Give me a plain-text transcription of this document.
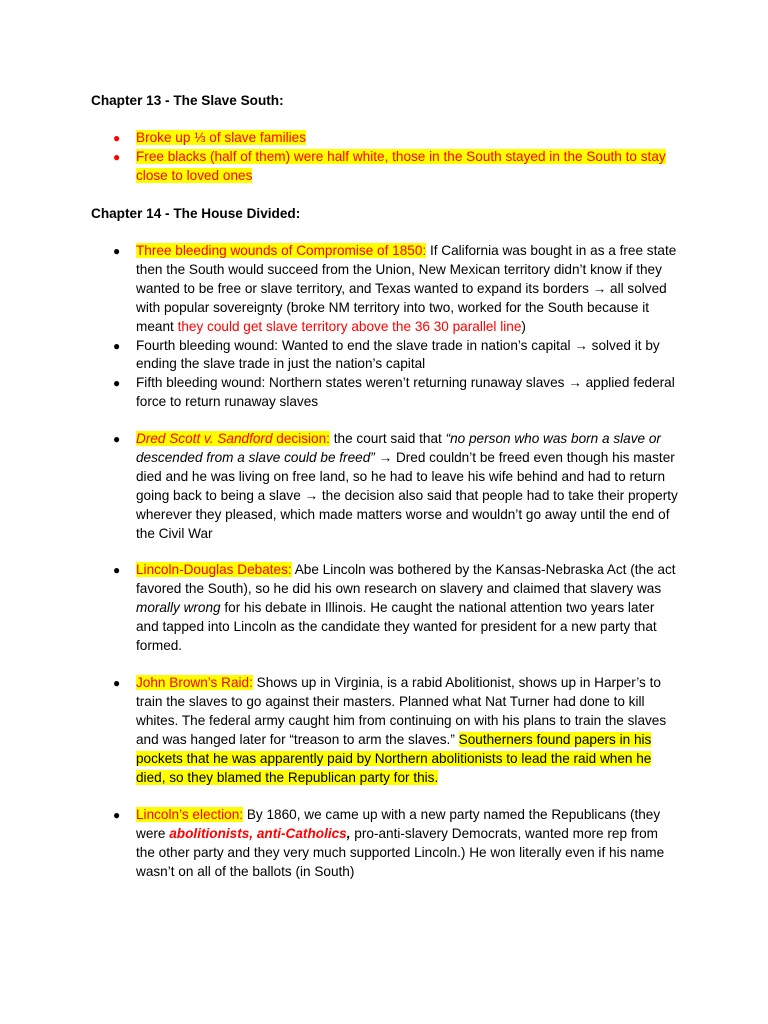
Chapter 13 - The Slave South:
●	Broke up ⅓ of slave families
●	Free blacks (half of them) were half white, those in the South stayed in the South to stay close to loved ones
Chapter 14 - The House Divided:
●	Three bleeding wounds of Compromise of 1850: If California was bought in as a free state then the South would succeed from the Union, New Mexican territory didn’t know if they wanted to be free or slave territory, and Texas wanted to expand its borders → all solved with popular sovereignty (broke NM territory into two, worked for the South because it meant they could get slave territory above the 36 30 parallel line)
●	Fourth bleeding wound: Wanted to end the slave trade in nation’s capital → solved it by ending the slave trade in just the nation’s capital
●	Fifth bleeding wound: Northern states weren’t returning runaway slaves → applied federal force to return runaway slaves
●	Dred Scott v. Sandford decision: the court said that “no person who was born a slave or descended from a slave could be freed” → Dred couldn’t be freed even though his master died and he was living on free land, so he had to leave his wife behind and had to return going back to being a slave → the decision also said that people had to take their property wherever they pleased, which made matters worse and wouldn’t go away until the end of the Civil War
●	Lincoln-Douglas Debates: Abe Lincoln was bothered by the Kansas-Nebraska Act (the act favored the South), so he did his own research on slavery and claimed that slavery was morally wrong for his debate in Illinois. He caught the national attention two years later and tapped into Lincoln as the candidate they wanted for president for a new party that formed.
●	John Brown’s Raid: Shows up in Virginia, is a rabid Abolitionist, shows up in Harper’s to train the slaves to go against their masters. Planned what Nat Turner had done to kill whites. The federal army caught him from continuing on with his plans to train the slaves and was hanged later for “treason to arm the slaves.” Southerners found papers in his pockets that he was apparently paid by Northern abolitionists to lead the raid when he died, so they blamed the Republican party for this.
●	Lincoln’s election: By 1860, we came up with a new party named the Republicans (they were abolitionists, anti-Catholics, pro-anti-slavery Democrats, wanted more rep from the other party and they very much supported Lincoln.) He won literally even if his name wasn’t on all of the ballots (in South)
